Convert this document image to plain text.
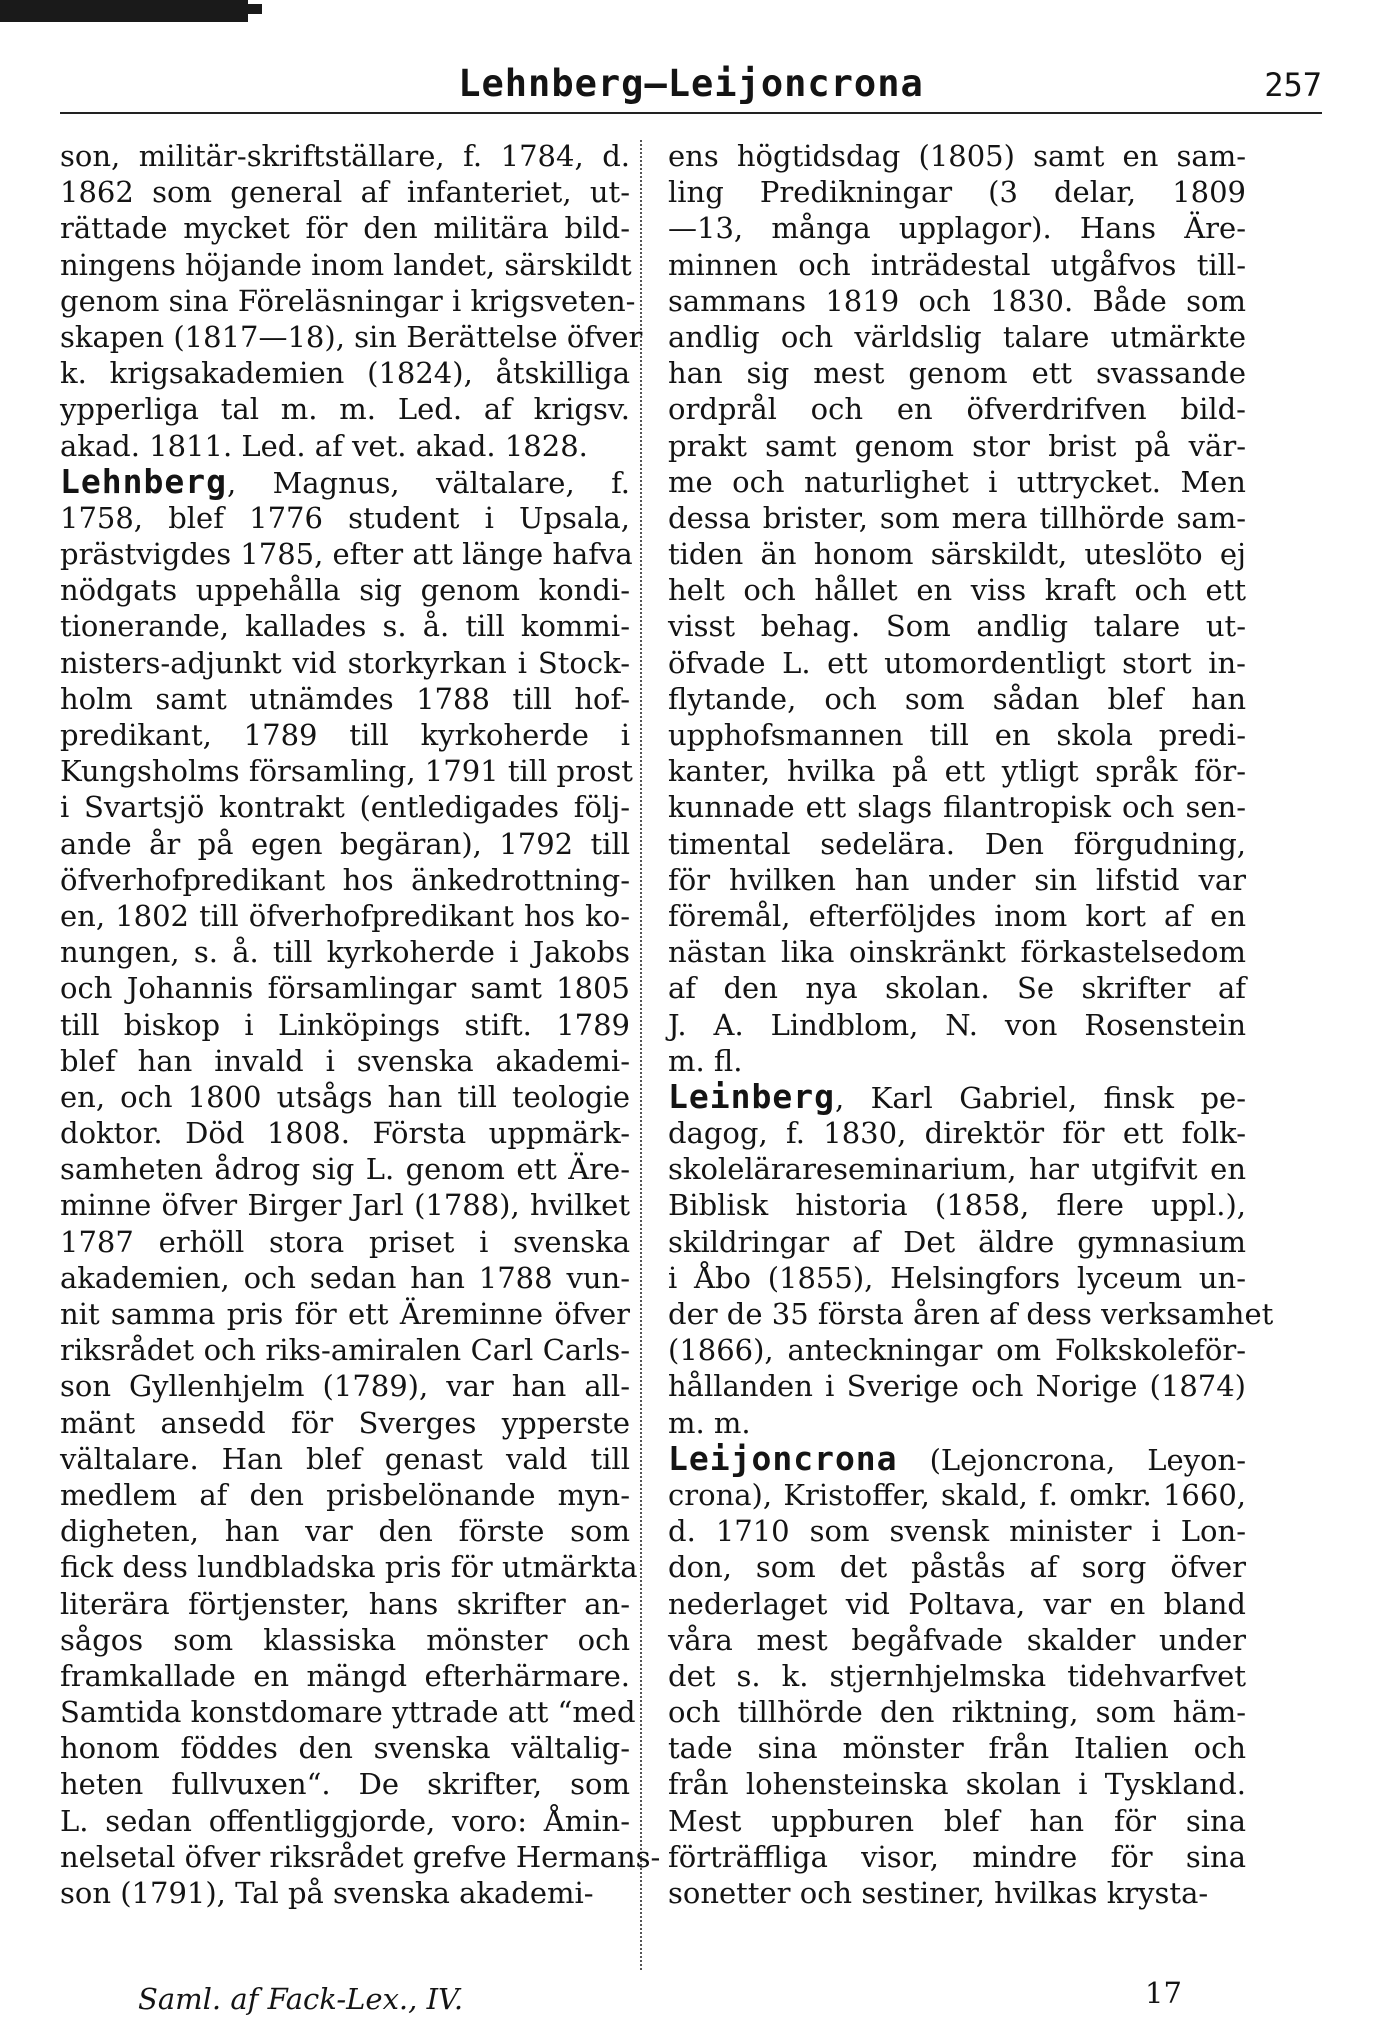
Lehnberg—Leijoncrona	257
son, militär-skriftställare, f. 1784, d.
1862 som general af infanteriet, ut-
rättade mycket för den militära bild-
ningens höjande inom landet, särskildt
genom sina Föreläsningar i krigsveten-
skapen (1817—18), sin Berättelse öfver
k. krigsakademien (1824), åtskilliga
ypperliga tal m. m. Led. af krigsv.
akad. 1811. Led. af vet. akad. 1828.
Lehnberg, Magnus, vältalare, f.
1758, blef 1776 student i Upsala,
prästvigdes 1785, efter att länge hafva
nödgats uppehålla sig genom kondi-
tionerande, kallades s. å. till kommi-
nisters-adjunkt vid storkyrkan i Stock-
holm samt utnämdes 1788 till hof-
predikant, 1789 till kyrkoherde i
Kungsholms församling, 1791 till prost
i Svartsjö kontrakt (entledigades följ-
ande år på egen begäran), 1792 till
öfverhofpredikant hos änkedrottning-
en, 1802 till öfverhofpredikant hos ko-
nungen, s. å. till kyrkoherde i Jakobs
och Johannis församlingar samt 1805
till biskop i Linköpings stift. 1789
blef han invald i svenska akademi-
en, och 1800 utsågs han till teologie
doktor. Död 1808. Första uppmärk-
samheten ådrog sig L. genom ett Äre-
minne öfver Birger Jarl (1788), hvilket
1787 erhöll stora priset i svenska
akademien, och sedan han 1788 vun-
nit samma pris för ett Äreminne öfver
riksrådet och riks-amiralen Carl Carls-
son Gyllenhjelm (1789), var han all-
mänt ansedd för Sverges ypperste
vältalare. Han blef genast vald till
medlem af den prisbelönande myn-
digheten, han var den förste som
fick dess lundbladska pris för utmärkta
literära förtjenster, hans skrifter an-
sågos som klassiska mönster och
framkallade en mängd efterhärmare.
Samtida konstdomare yttrade att “med
honom föddes den svenska vältalig-
heten fullvuxen“. De skrifter, som
L. sedan offentliggjorde, voro: Åmin-
nelsetal öfver riksrådet grefve Hermans-
son (1791), Tal på svenska akademi-
ens högtidsdag (1805) samt en sam-
ling Predikningar (3 delar, 1809
—13, många upplagor). Hans Äre-
minnen och inträdestal utgåfvos till-
sammans 1819 och 1830. Både som
andlig och världslig talare utmärkte
han sig mest genom ett svassande
ordprål och en öfverdrifven bild-
prakt samt genom stor brist på vär-
me och naturlighet i uttrycket. Men
dessa brister, som mera tillhörde sam-
tiden än honom särskildt, uteslöto ej
helt och hållet en viss kraft och ett
visst behag. Som andlig talare ut-
öfvade L. ett utomordentligt stort in-
flytande, och som sådan blef han
upphofsmannen till en skola predi-
kanter, hvilka på ett ytligt språk för-
kunnade ett slags filantropisk och sen-
timental sedelära. Den förgudning,
för hvilken han under sin lifstid var
föremål, efterföljdes inom kort af en
nästan lika oinskränkt förkastelsedom
af den nya skolan. Se skrifter af
J. A. Lindblom, N. von Rosenstein
m. fl.
Leinberg, Karl Gabriel, finsk pe-
dagog, f. 1830, direktör för ett folk-
skolelärareseminarium, har utgifvit en
Biblisk historia (1858, flere uppl.),
skildringar af Det äldre gymnasium
i Åbo (1855), Helsingfors lyceum un-
der de 35 första åren af dess verksamhet
(1866), anteckningar om Folkskoleför-
hållanden i Sverige och Norige (1874)
m. m.
Leijoncrona (Lejoncrona, Leyon-
crona), Kristoffer, skald, f. omkr. 1660,
d. 1710 som svensk minister i Lon-
don, som det påstås af sorg öfver
nederlaget vid Poltava, var en bland
våra mest begåfvade skalder under
det s. k. stjernhjelmska tidehvarfvet
och tillhörde den riktning, som häm-
tade sina mönster från Italien och
från lohensteinska skolan i Tyskland.
Mest uppburen blef han för sina
förträffliga visor, mindre för sina
sonetter och sestiner, hvilkas krysta-
Saml. af Fack-Lex., IV.	17
